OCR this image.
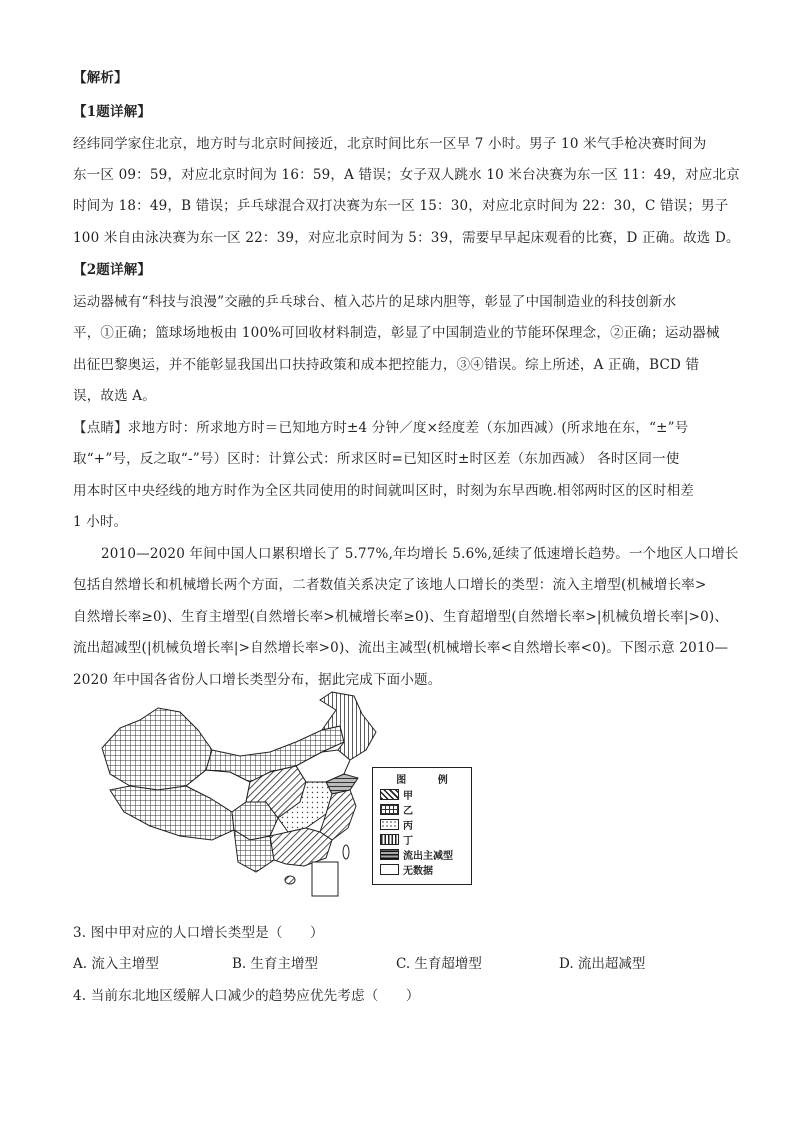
【解析】
【1题详解】
经纬同学家住北京，地方时与北京时间接近，北京时间比东一区早 7 小时。男子 10 米气手枪决赛时间为
东一区 09：59，对应北京时间为 16：59，A 错误；女子双人跳水 10 米台决赛为东一区 11：49，对应北京
时间为 18：49，B 错误；乒乓球混合双打决赛为东一区 15：30，对应北京时间为 22：30，C 错误；男子
100 米自由泳决赛为东一区 22：39，对应北京时间为 5：39，需要早早起床观看的比赛，D 正确。故选 D。
【2题详解】
运动器械有“科技与浪漫”交融的乒乓球台、植入芯片的足球内胆等，彰显了中国制造业的科技创新水
平，①正确；篮球场地板由 100%可回收材料制造，彰显了中国制造业的节能环保理念，②正确；运动器械
出征巴黎奥运，并不能彰显我国出口扶持政策和成本把控能力，③④错误。综上所述，A 正确，BCD 错
误，故选 A。
【点睛】求地方时：所求地方时＝已知地方时±4 分钟／度×经度差（东加西减）(所求地在东，“±”号
取“+”号，反之取“-”号）区时：计算公式：所求区时=已知区时±时区差（东加西减） 各时区同一使
用本时区中央经线的地方时作为全区共同使用的时间就叫区时，时刻为东早西晚.相邻两时区的区时相差
1 小时。
2010—2020 年间中国人口累积增长了 5.77%,年均增长 5.6%,延续了低速增长趋势。一个地区人口增长
包括自然增长和机械增长两个方面，二者数值关系决定了该地人口增长的类型：流入主增型(机械增长率>
自然增长率≥0)、生育主增型(自然增长率>机械增长率≥0)、生育超增型(自然增长率>|机械负增长率|>0)、
流出超减型(|机械负增长率|>自然增长率>0)、流出主减型(机械增长率<自然增长率<0)。下图示意 2010—
2020 年中国各省份人口增长类型分布，据此完成下面小题。
图 例
甲
乙
丙
丁
流出主减型
无数据
3. 图中甲对应的人口增长类型是（　　）
A. 流入主增型	B. 生育主增型	C. 生育超增型	D. 流出超减型
4. 当前东北地区缓解人口减少的趋势应优先考虑（　　）
